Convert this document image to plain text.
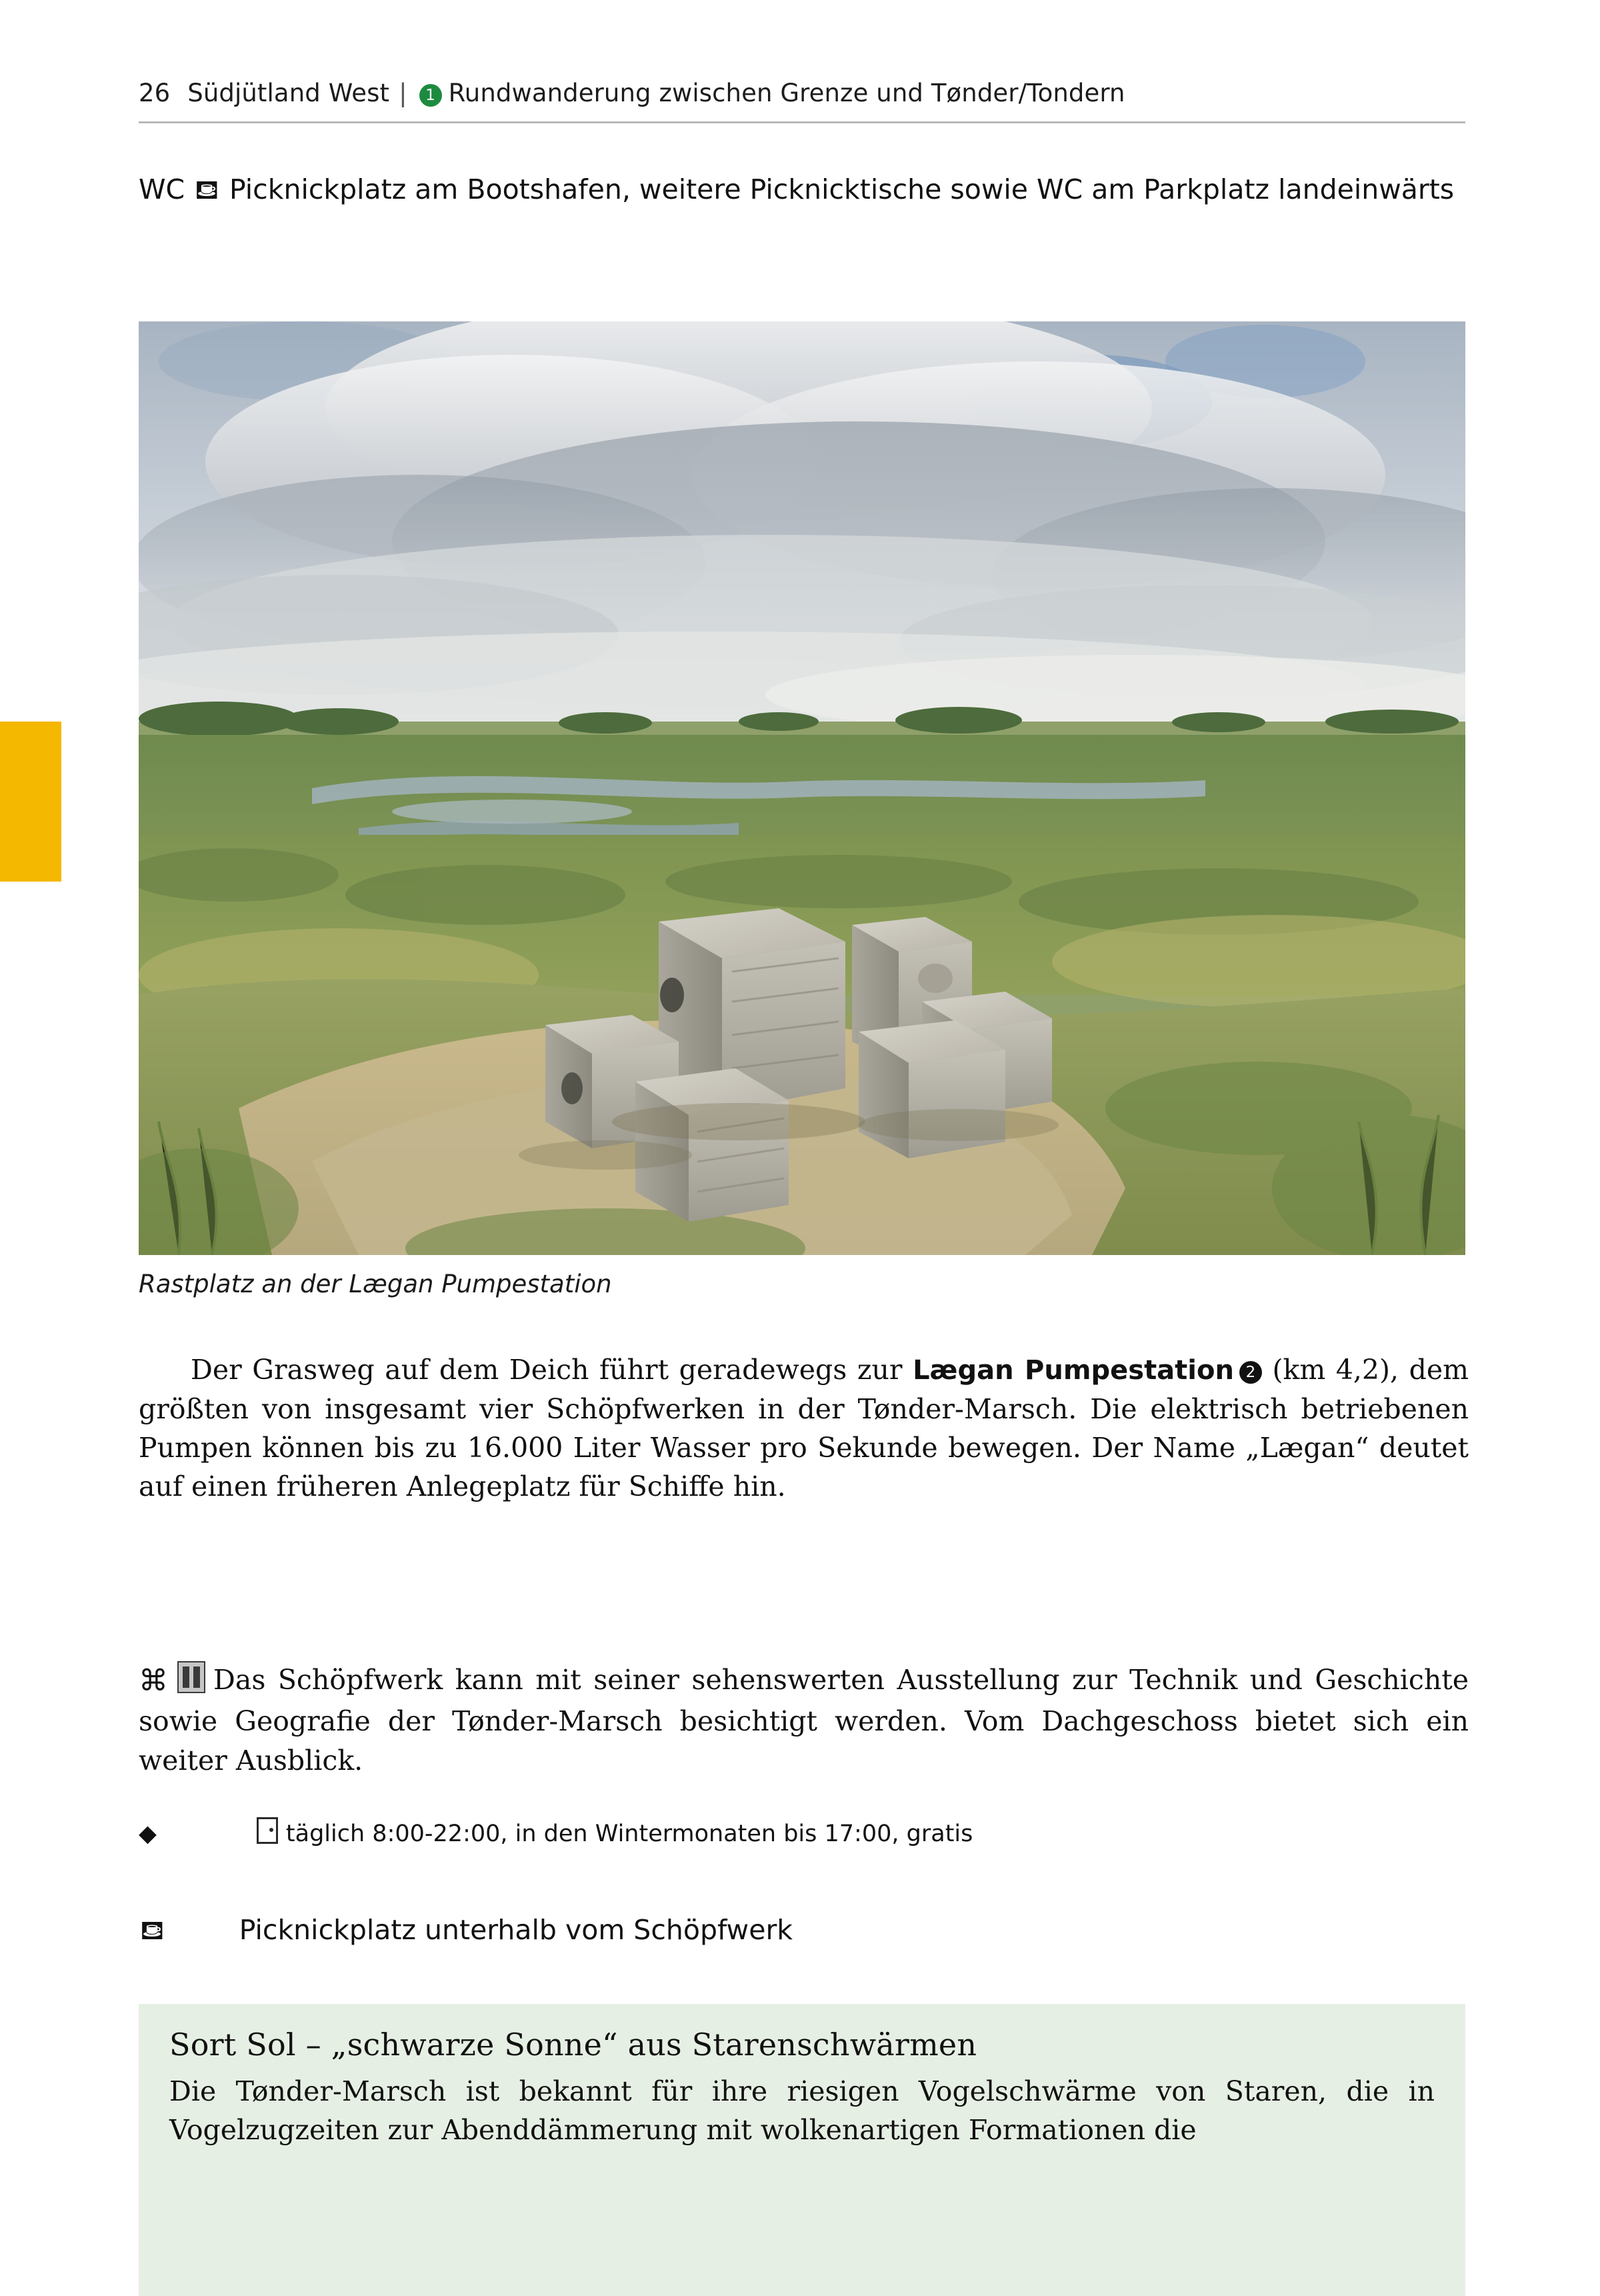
26 Südjütland West | 1 Rundwanderung zwischen Grenze und Tønder/Tondern
WC ⛾ Picknickplatz am Bootshafen, weitere Picknicktische sowie WC am Parkplatz landeinwärts
Rastplatz an der Lægan Pumpestation
Der Grasweg auf dem Deich führt geradewegs zur Lægan Pumpestation 2 (km 4,2), dem größten von insgesamt vier Schöpfwerken in der Tønder-Marsch. Die elektrisch betriebenen Pumpen können bis zu 16.000 Liter Wasser pro Sekunde bewegen. Der Name „Lægan“ deutet auf einen früheren Anlegeplatz für Schiffe hin.
⌘ Das Schöpfwerk kann mit seiner sehenswerten Ausstellung zur Technik und Geschichte sowie Geografie der Tønder-Marsch besichtigt werden. Vom Dachgeschoss bietet sich ein weiter Ausblick.
◆	täglich 8:00-22:00, in den Wintermonaten bis 17:00, gratis
⛾	Picknickplatz unterhalb vom Schöpfwerk
Sort Sol – „schwarze Sonne“ aus Starenschwärmen

Die Tønder-Marsch ist bekannt für ihre riesigen Vogelschwärme von Staren, die in Vogelzugzeiten zur Abenddämmerung mit wolkenartigen Formationen die
